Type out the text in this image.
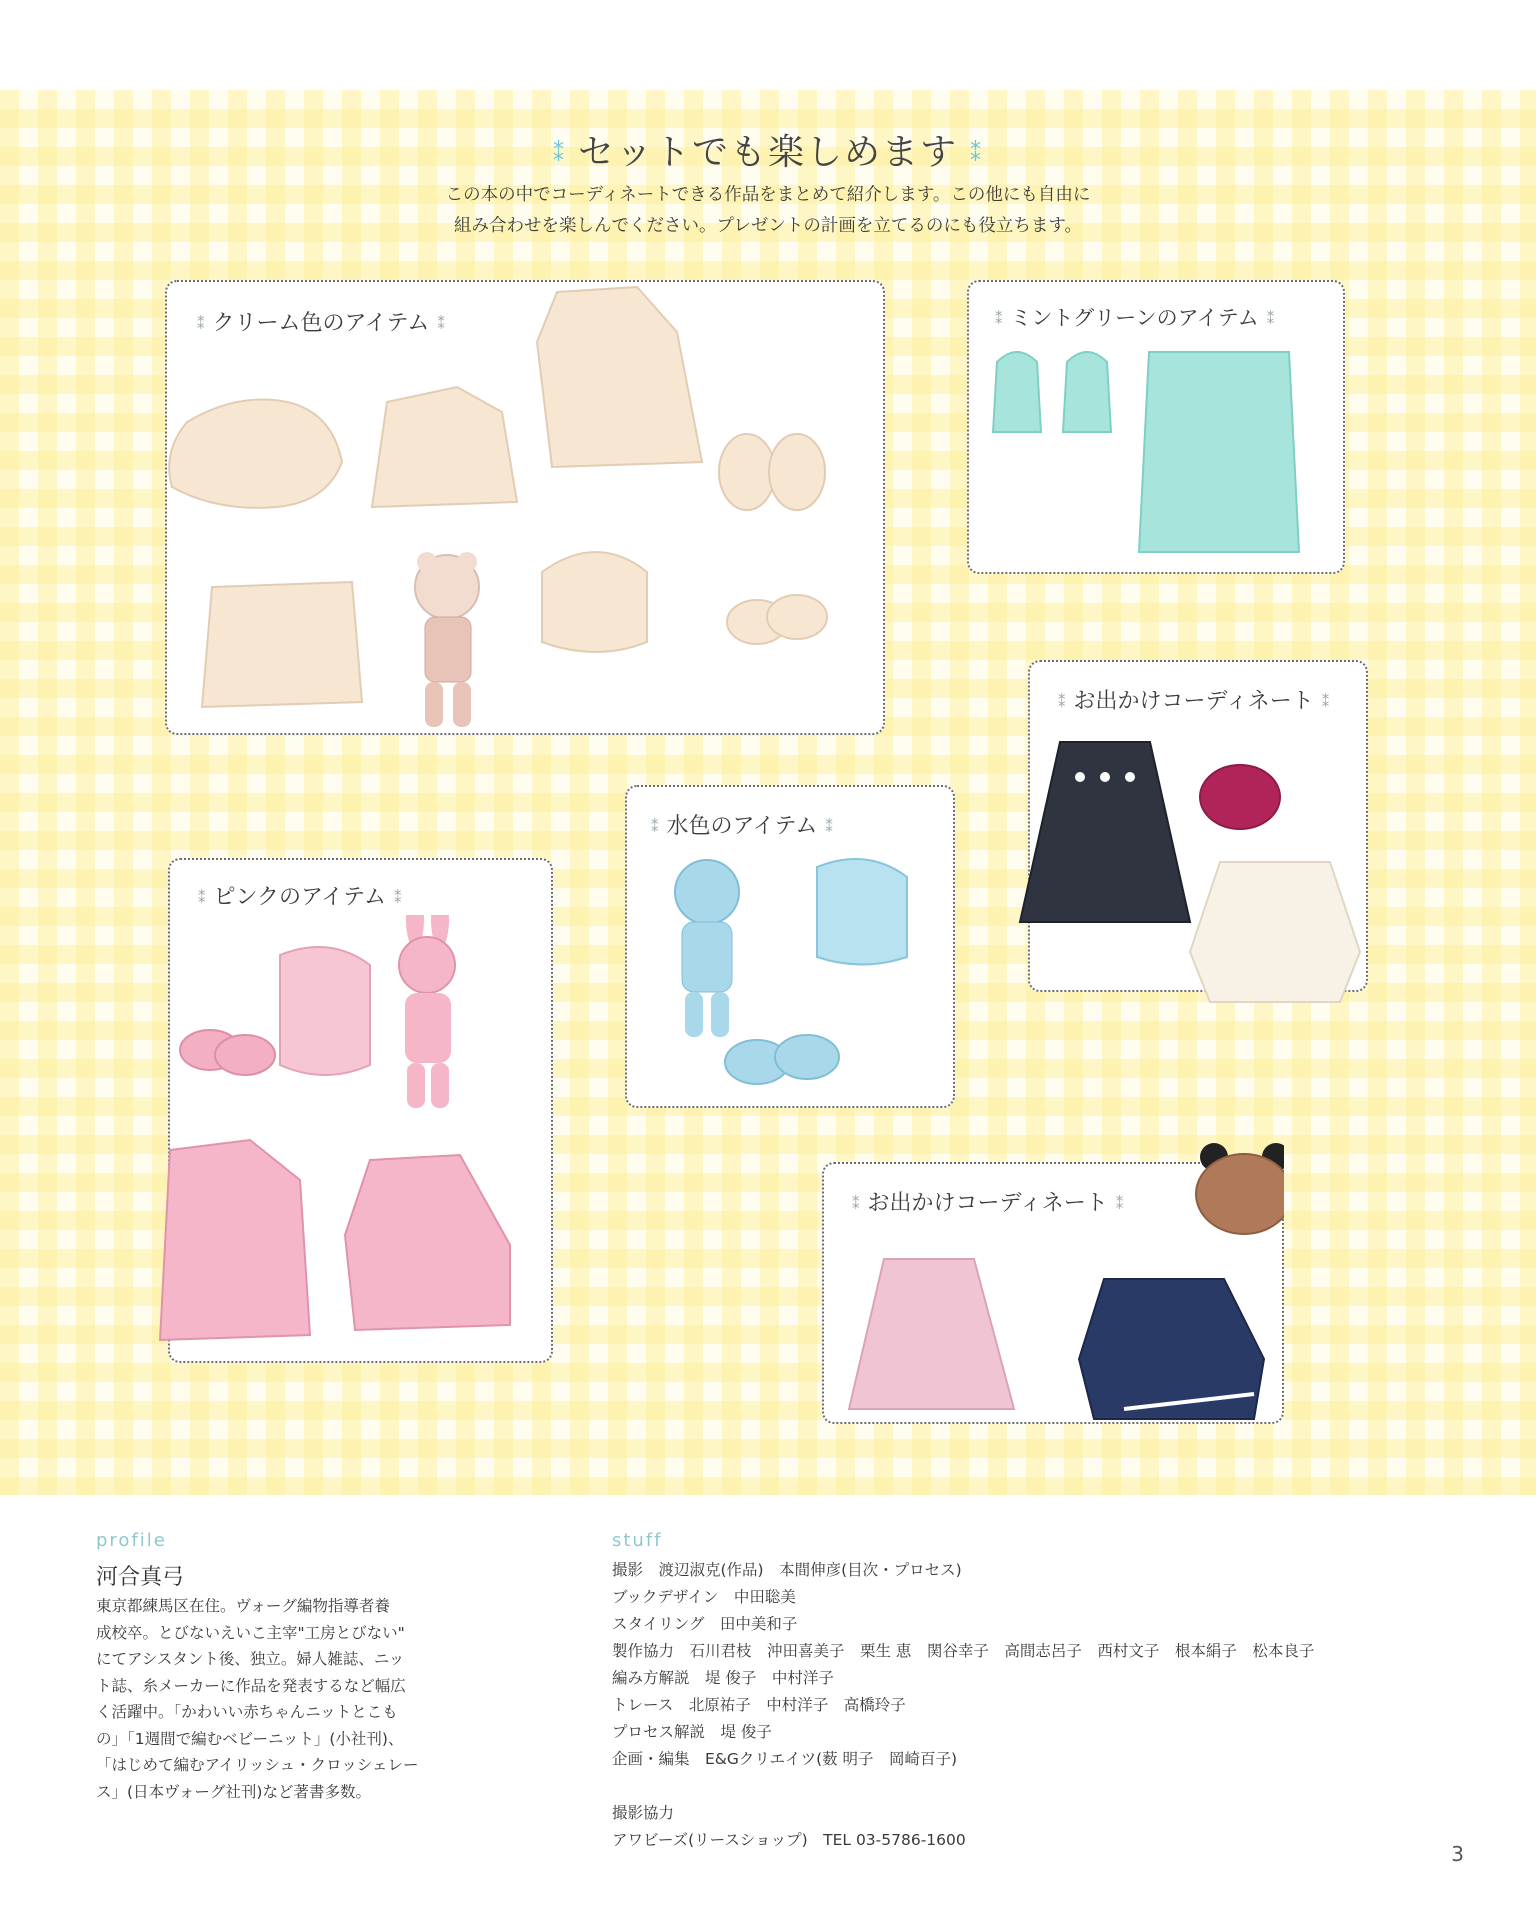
⁑ セットでも楽しめます ⁑
この本の中でコーディネートできる作品をまとめて紹介します。この他にも自由に
組み合わせを楽しんでください。プレゼントの計画を立てるのにも役立ちます。
⁑ クリーム色のアイテム ⁑	⁑ ミントグリーンのアイテム ⁑
⁑ お出かけコーディネート ⁑
⁑ 水色のアイテム ⁑
⁑ ピンクのアイテム ⁑
⁑ お出かけコーディネート ⁑
profile
河合真弓
東京都練馬区在住。ヴォーグ編物指導者養
成校卒。とびないえいこ主宰"工房とびない"
にてアシスタント後、独立。婦人雑誌、ニッ
ト誌、糸メーカーに作品を発表するなど幅広
く活躍中。「かわいい赤ちゃんニットとこも
の」「1週間で編むベビーニット」(小社刊)、
「はじめて編むアイリッシュ・クロッシェレー
ス」(日本ヴォーグ社刊)など著書多数。
stuff
撮影　渡辺淑克(作品)　本間伸彦(目次・プロセス)
ブックデザイン　中田聡美
スタイリング　田中美和子
製作協力　石川君枝　沖田喜美子　栗生 恵　関谷幸子　高間志呂子　西村文子　根本絹子　松本良子
編み方解説　堤 俊子　中村洋子
トレース　北原祐子　中村洋子　高橋玲子
プロセス解説　堤 俊子
企画・編集　E&Gクリエイツ(薮 明子　岡崎百子)
撮影協力
アワビーズ(リースショップ)　TEL 03-5786-1600
3
